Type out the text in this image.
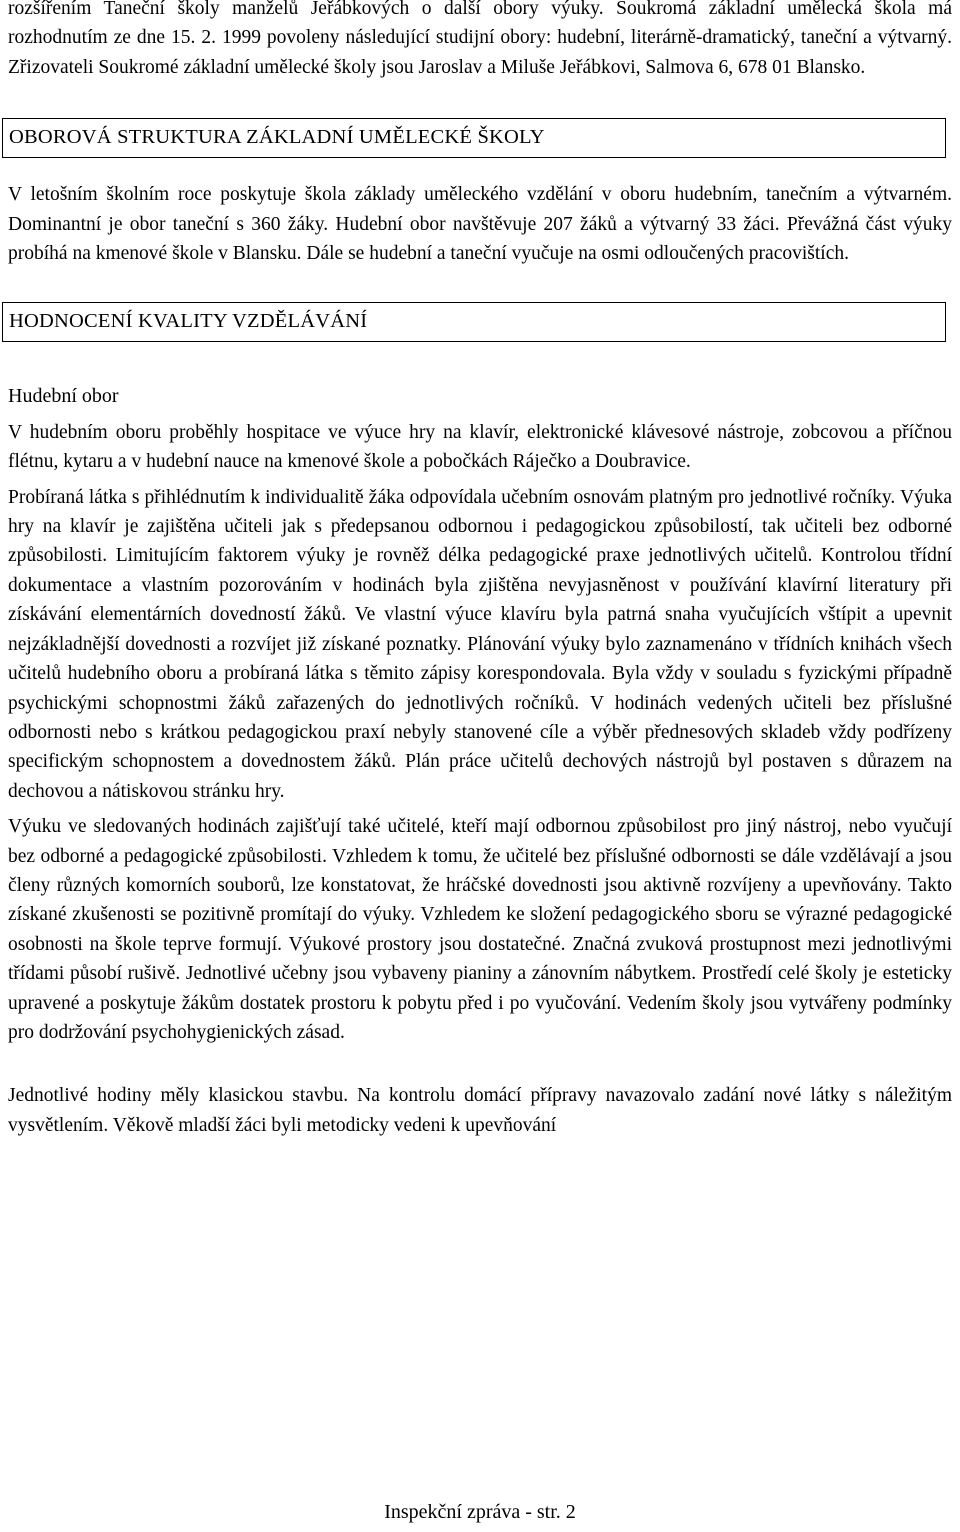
rozšířením Taneční školy manželů Jeřábkových o další obory výuky. Soukromá základní umělecká škola má rozhodnutím ze dne 15. 2. 1999 povoleny následující studijní obory: hudební, literárně-dramatický, taneční a výtvarný. Zřizovateli Soukromé základní umělecké školy jsou Jaroslav a Miluše Jeřábkovi, Salmova 6, 678 01 Blansko.

OBOROVÁ STRUKTURA ZÁKLADNÍ UMĚLECKÉ ŠKOLY

V letošním školním roce poskytuje škola základy uměleckého vzdělání v oboru hudebním, tanečním a výtvarném. Dominantní je obor taneční s 360 žáky. Hudební obor navštěvuje 207 žáků a výtvarný 33 žáci. Převážná část výuky probíhá na kmenové škole v Blansku. Dále se hudební a taneční vyučuje na osmi odloučených pracovištích.

HODNOCENÍ KVALITY VZDĚLÁVÁNÍ
Hudební obor

V hudebním oboru proběhly hospitace ve výuce hry na klavír, elektronické klávesové nástroje, zobcovou a příčnou flétnu, kytaru a v hudební nauce na kmenové škole a pobočkách Ráječko a Doubravice.

Probíraná látka s přihlédnutím k individualitě žáka odpovídala učebním osnovám platným pro jednotlivé ročníky. Výuka hry na klavír je zajištěna učiteli jak s předepsanou odbornou i pedagogickou způsobilostí, tak učiteli bez odborné způsobilosti. Limitujícím faktorem výuky je rovněž délka pedagogické praxe jednotlivých učitelů. Kontrolou třídní dokumentace a vlastním pozorováním v hodinách byla zjištěna nevyjasněnost v používání klavírní literatury při získávání elementárních dovedností žáků. Ve vlastní výuce klavíru byla patrná snaha vyučujících vštípit a upevnit nejzákladnější dovednosti a rozvíjet již získané poznatky. Plánování výuky bylo zaznamenáno v třídních knihách všech učitelů hudebního oboru a probíraná látka s těmito zápisy korespondovala. Byla vždy v souladu s fyzickými případně psychickými schopnostmi žáků zařazených do jednotlivých ročníků. V hodinách vedených učiteli bez příslušné odbornosti nebo s krátkou pedagogickou praxí nebyly stanovené cíle a výběr přednesových skladeb vždy podřízeny specifickým schopnostem a dovednostem žáků. Plán práce učitelů dechových nástrojů byl postaven s důrazem na dechovou a nátiskovou stránku hry.

Výuku ve sledovaných hodinách zajišťují také učitelé, kteří mají odbornou způsobilost pro jiný nástroj, nebo vyučují bez odborné a pedagogické způsobilosti. Vzhledem k tomu, že učitelé bez příslušné odbornosti se dále vzdělávají a jsou členy různých komorních souborů, lze konstatovat, že hráčské dovednosti jsou aktivně rozvíjeny a upevňovány. Takto získané zkušenosti se pozitivně promítají do výuky. Vzhledem ke složení pedagogického sboru se výrazné pedagogické osobnosti na škole teprve formují. Výukové prostory jsou dostatečné. Značná zvuková prostupnost mezi jednotlivými třídami působí rušivě. Jednotlivé učebny jsou vybaveny pianiny a zánovním nábytkem. Prostředí celé školy je esteticky upravené a poskytuje žákům dostatek prostoru k pobytu před i po vyučování. Vedením školy jsou vytvářeny podmínky pro dodržování psychohygienických zásad.

Jednotlivé hodiny měly klasickou stavbu. Na kontrolu domácí přípravy navazovalo zadání nové látky s náležitým vysvětlením. Věkově mladší žáci byli metodicky vedeni k upevňování

Inspekční zpráva - str. 2
